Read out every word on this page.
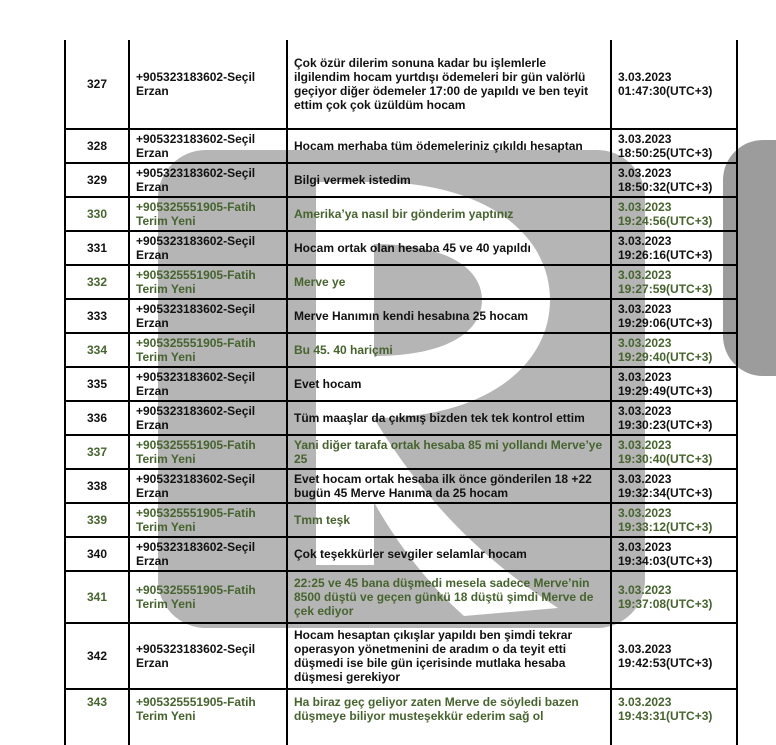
327	+905323183602-Seçil Erzan	Çok özür dilerim sonuna kadar bu işlemlerle ilgilendim hocam yurtdışı ödemeleri bir gün valörlü geçiyor diğer ödemeler 17:00 de yapıldı ve ben teyit ettim çok çok üzüldüm hocam	3.03.2023
01:47:30(UTC+3)

328	+905323183602-Seçil Erzan	Hocam merhaba tüm ödemeleriniz çıkıldı hesaptan	3.03.2023
18:50:25(UTC+3)

329	+905323183602-Seçil Erzan	Bilgi vermek istedim	3.03.2023
18:50:32(UTC+3)

330	+905325551905-Fatih Terim Yeni	Amerika’ya nasıl bir gönderim yaptınız	3.03.2023
19:24:56(UTC+3)

331	+905323183602-Seçil Erzan	Hocam ortak olan hesaba 45 ve 40 yapıldı	3.03.2023
19:26:16(UTC+3)

332	+905325551905-Fatih Terim Yeni	Merve ye	3.03.2023
19:27:59(UTC+3)

333	+905323183602-Seçil Erzan	Merve Hanımın kendi hesabına 25 hocam	3.03.2023
19:29:06(UTC+3)

334	+905325551905-Fatih Terim Yeni	Bu 45. 40 hariçmi	3.03.2023
19:29:40(UTC+3)

335	+905323183602-Seçil Erzan	Evet hocam	3.03.2023
19:29:49(UTC+3)

336	+905323183602-Seçil Erzan	Tüm maaşlar da çıkmış bizden tek tek kontrol ettim	3.03.2023
19:30:23(UTC+3)

337	+905325551905-Fatih Terim Yeni	Yani diğer tarafa ortak hesaba 85 mi yollandı Merve’ye 25	3.03.2023
19:30:40(UTC+3)

338	+905323183602-Seçil Erzan	Evet hocam ortak hesaba ilk önce gönderilen 18 +22 bugün 45 Merve Hanıma da 25 hocam	3.03.2023
19:32:34(UTC+3)

339	+905325551905-Fatih Terim Yeni	Tmm teşk	3.03.2023
19:33:12(UTC+3)

340	+905323183602-Seçil Erzan	Çok teşekkürler sevgiler selamlar hocam	3.03.2023
19:34:03(UTC+3)

341	+905325551905-Fatih Terim Yeni	22:25 ve 45 bana düşmedi mesela sadece Merve’nin 8500 düştü ve geçen günkü 18 düştü şimdi Merve de çek ediyor	3.03.2023
19:37:08(UTC+3)

342	+905323183602-Seçil Erzan	Hocam hesaptan çıkışlar yapıldı ben şimdi tekrar operasyon yönetmenini de aradım o da teyit etti düşmedi ise bile gün içerisinde mutlaka hesaba düşmesi gerekiyor	3.03.2023
19:42:53(UTC+3)

343	+905325551905-Fatih Terim Yeni	Ha biraz geç geliyor zaten Merve de söyledi bazen düşmeye biliyor musteşekkür ederim sağ ol	3.03.2023
19:43:31(UTC+3)
